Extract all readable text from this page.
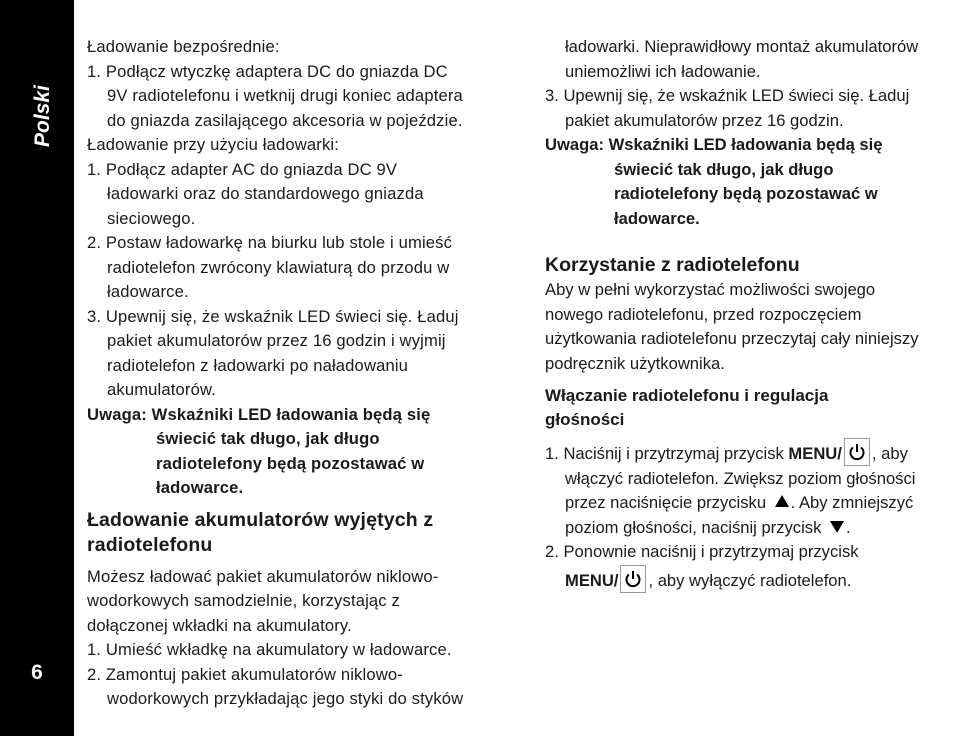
Polski
6
Ładowanie bezpośrednie:
1. Podłącz wtyczkę adaptera DC do gniazda DC
9V radiotelefonu i wetknij drugi koniec adaptera
do gniazda zasilającego akcesoria w pojeździe.
Ładowanie przy użyciu ładowarki:
1. Podłącz adapter AC do gniazda DC 9V
ładowarki oraz do standardowego gniazda
sieciowego.
2. Postaw ładowarkę na biurku lub stole i umieść
radiotelefon zwrócony klawiaturą do przodu w
ładowarce.
3. Upewnij się, że wskaźnik LED świeci się. Ładuj
pakiet akumulatorów przez 16 godzin i wyjmij
radiotelefon z ładowarki po naładowaniu
akumulatorów.
Uwaga: Wskaźniki LED ładowania będą się
świecić tak długo, jak długo
radiotelefony będą pozostawać w
ładowarce.
Ładowanie akumulatorów wyjętych z
radiotelefonu
Możesz ładować pakiet akumulatorów niklowo-
wodorkowych samodzielnie, korzystając z
dołączonej wkładki na akumulatory.
1. Umieść wkładkę na akumulatory w ładowarce.
2. Zamontuj pakiet akumulatorów niklowo-
wodorkowych przykładając jego styki do styków
ładowarki. Nieprawidłowy montaż akumulatorów
uniemożliwi ich ładowanie.
3. Upewnij się, że wskaźnik LED świeci się. Ładuj
pakiet akumulatorów przez 16 godzin.
Uwaga: Wskaźniki LED ładowania będą się
świecić tak długo, jak długo
radiotelefony będą pozostawać w
ładowarce.
Korzystanie z radiotelefonu
Aby w pełni wykorzystać możliwości swojego
nowego radiotelefonu, przed rozpoczęciem
użytkowania radiotelefonu przeczytaj cały niniejszy
podręcznik użytkownika.
Włączanie radiotelefonu i regulacja
głośności
1. Naciśnij i przytrzymaj przycisk MENU/ , aby
włączyć radiotelefon. Zwiększ poziom głośności
przez naciśnięcie przycisku . Aby zmniejszyć
poziom głośności, naciśnij przycisk .
2. Ponownie naciśnij i przytrzymaj przycisk
MENU/ , aby wyłączyć radiotelefon.
